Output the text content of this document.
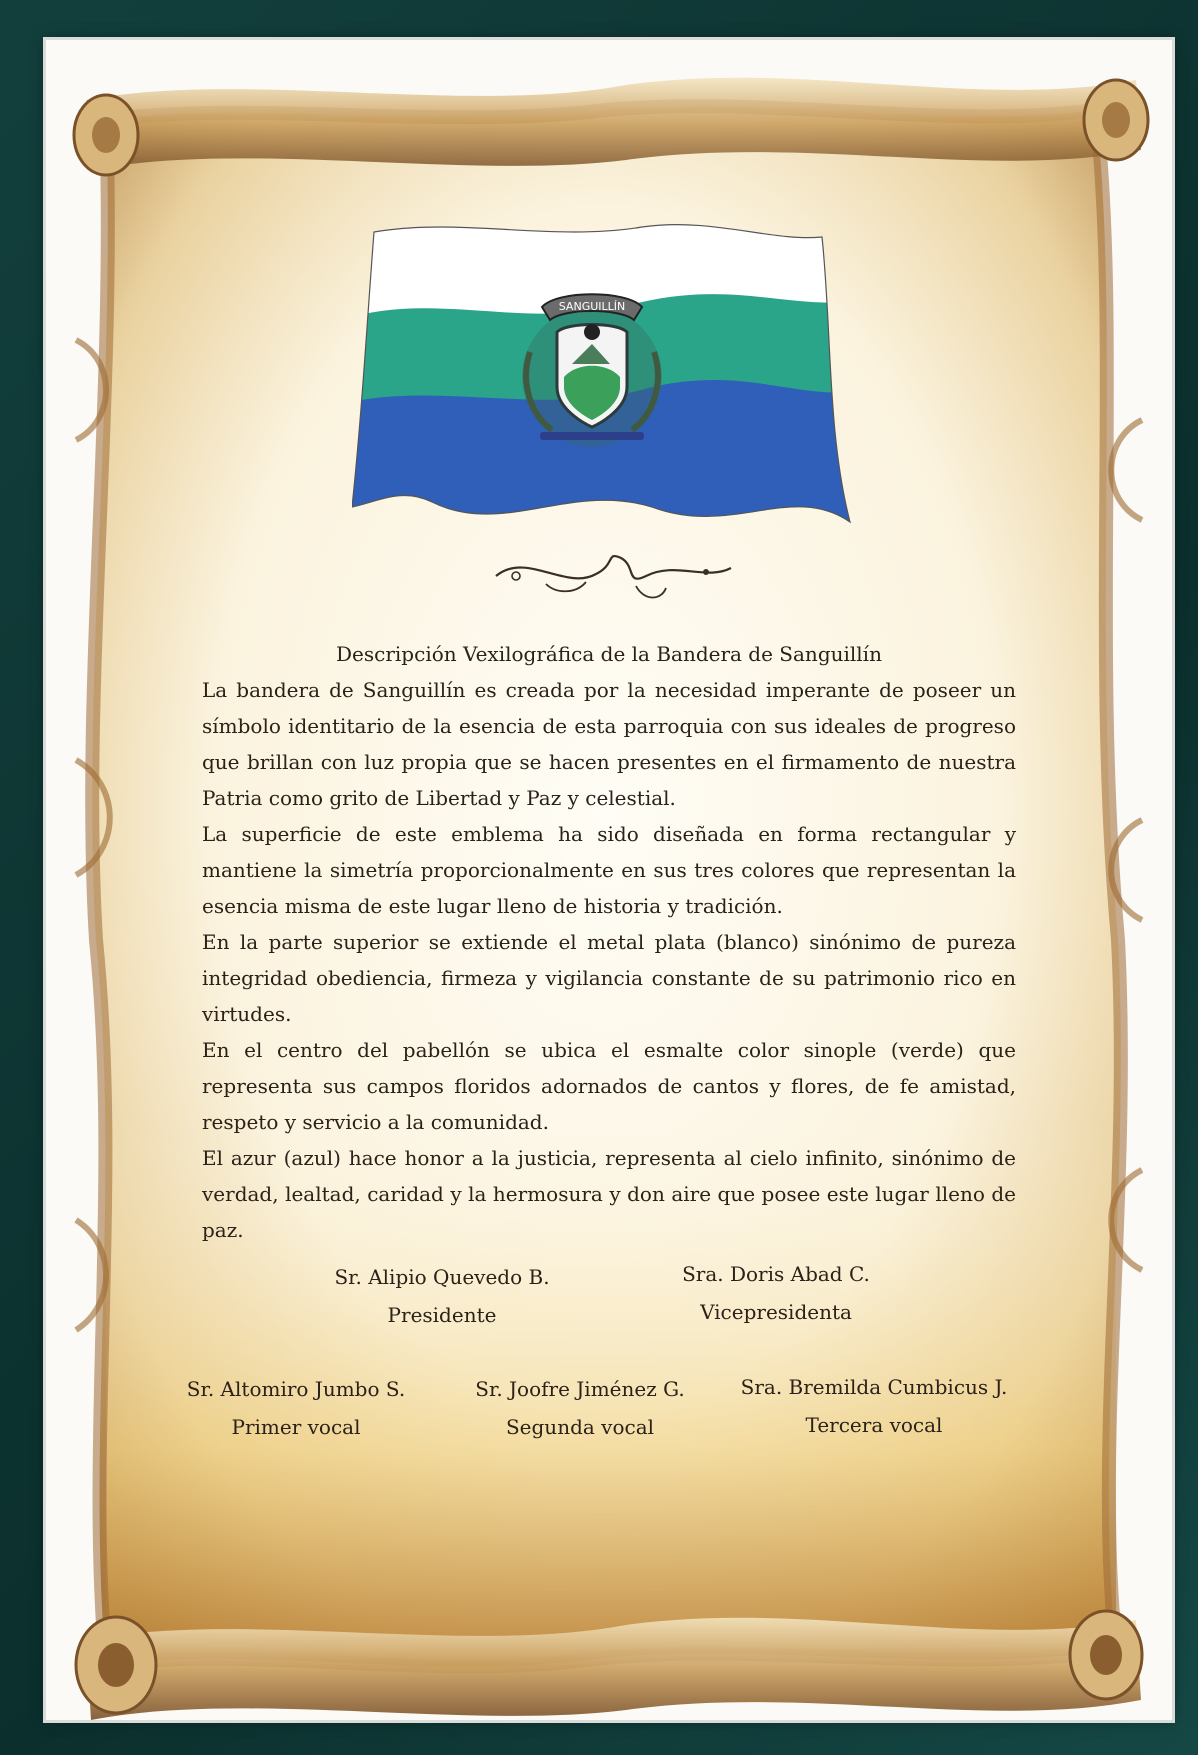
SANGUILLÍN

Descripción Vexilográfica de la Bandera de Sanguillín

La bandera de Sanguillín es creada por la necesidad imperante de poseer un símbolo identitario de la esencia de esta parroquia con sus ideales de progreso que brillan con luz propia que se hacen presentes en el firmamento de nuestra Patria como grito de Libertad y Paz y celestial.

La superficie de este emblema ha sido diseñada en forma rectangular y mantiene la simetría proporcionalmente en sus tres colores que representan la esencia misma de este lugar lleno de historia y tradición.

En la parte superior se extiende el metal plata (blanco) sinónimo de pureza integridad obediencia, firmeza y vigilancia constante de su patrimonio rico en virtudes.

En el centro del pabellón se ubica el esmalte color sinople (verde) que representa sus campos floridos adornados de cantos y flores, de fe amistad, respeto y servicio a la comunidad.

El azur (azul) hace honor a la justicia, representa al cielo infinito, sinónimo de verdad, lealtad, caridad y la hermosura y don aire que posee este lugar lleno de paz.

Sr. Alipio Quevedo B.
Presidente
Sra. Doris Abad C.
Vicepresidenta
Sr. Altomiro Jumbo S.
Primer vocal
Sr. Joofre Jiménez G.
Segunda vocal
Sra. Bremilda Cumbicus J.
Tercera vocal
